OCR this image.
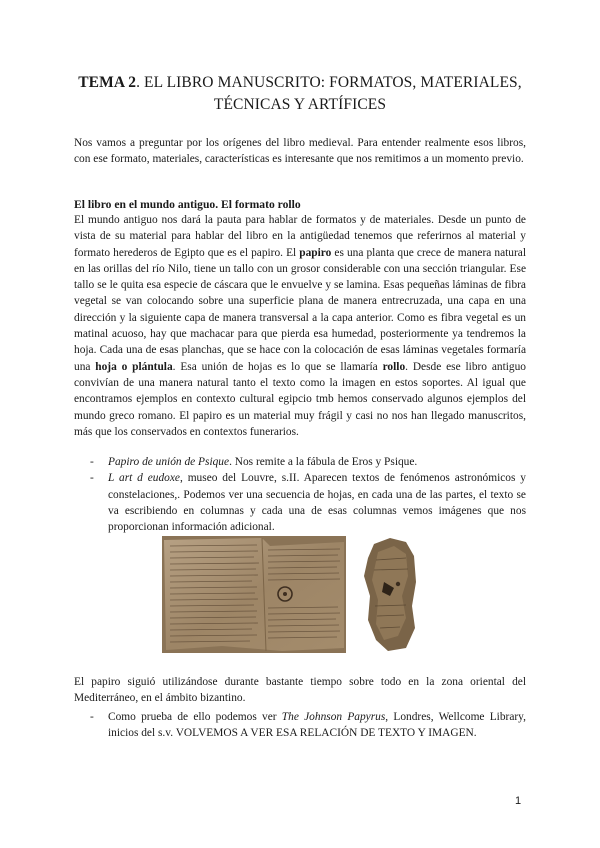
TEMA 2. EL LIBRO MANUSCRITO: FORMATOS, MATERIALES,
TÉCNICAS Y ARTÍFICES

Nos vamos a preguntar por los orígenes del libro medieval. Para entender realmente esos libros, con ese formato, materiales, características es interesante que nos remitimos a un momento previo.

El libro en el mundo antiguo. El formato rollo

El mundo antiguo nos dará la pauta para hablar de formatos y de materiales. Desde un punto de vista de su material para hablar del libro en la antigüedad tenemos que referirnos al material y formato herederos de Egipto que es el papiro. El papiro es una planta que crece de manera natural en las orillas del río Nilo, tiene un tallo con un grosor considerable con una sección triangular. Ese tallo se le quita esa especie de cáscara que le envuelve y se lamina. Esas pequeñas láminas de fibra vegetal se van colocando sobre una superficie plana de manera entrecruzada, una capa en una dirección y la siguiente capa de manera transversal a la capa anterior. Como es fibra vegetal es un matinal acuoso, hay que machacar para que pierda esa humedad, posteriormente ya tendremos la hoja. Cada una de esas planchas, que se hace con la colocación de esas láminas vegetales formaría una hoja o plántula. Esa unión de hojas es lo que se llamaría rollo. Desde ese libro antiguo convivían de una manera natural tanto el texto como la imagen en estos soportes. Al igual que encontramos ejemplos en contexto cultural egipcio tmb hemos conservado algunos ejemplos del mundo greco romano. El papiro es un material muy frágil y casi no nos han llegado manuscritos, más que los conservados en contextos funerarios.

- Papiro de unión de Psique. Nos remite a la fábula de Eros y Psique.
- L art d eudoxe, museo del Louvre, s.II. Aparecen textos de fenómenos astronómicos y constelaciones,. Podemos ver una secuencia de hojas, en cada una de las partes, el texto se va escribiendo en columnas y cada una de esas columnas vemos imágenes que nos proporcionan información adicional.

El papiro siguió utilizándose durante bastante tiempo sobre todo en la zona oriental del Mediterráneo, en el ámbito bizantino.

- Como prueba de ello podemos ver The Johnson Papyrus, Londres, Wellcome Library, inicios del s.v. VOLVEMOS A VER ESA RELACIÓN DE TEXTO Y IMAGEN.
1
